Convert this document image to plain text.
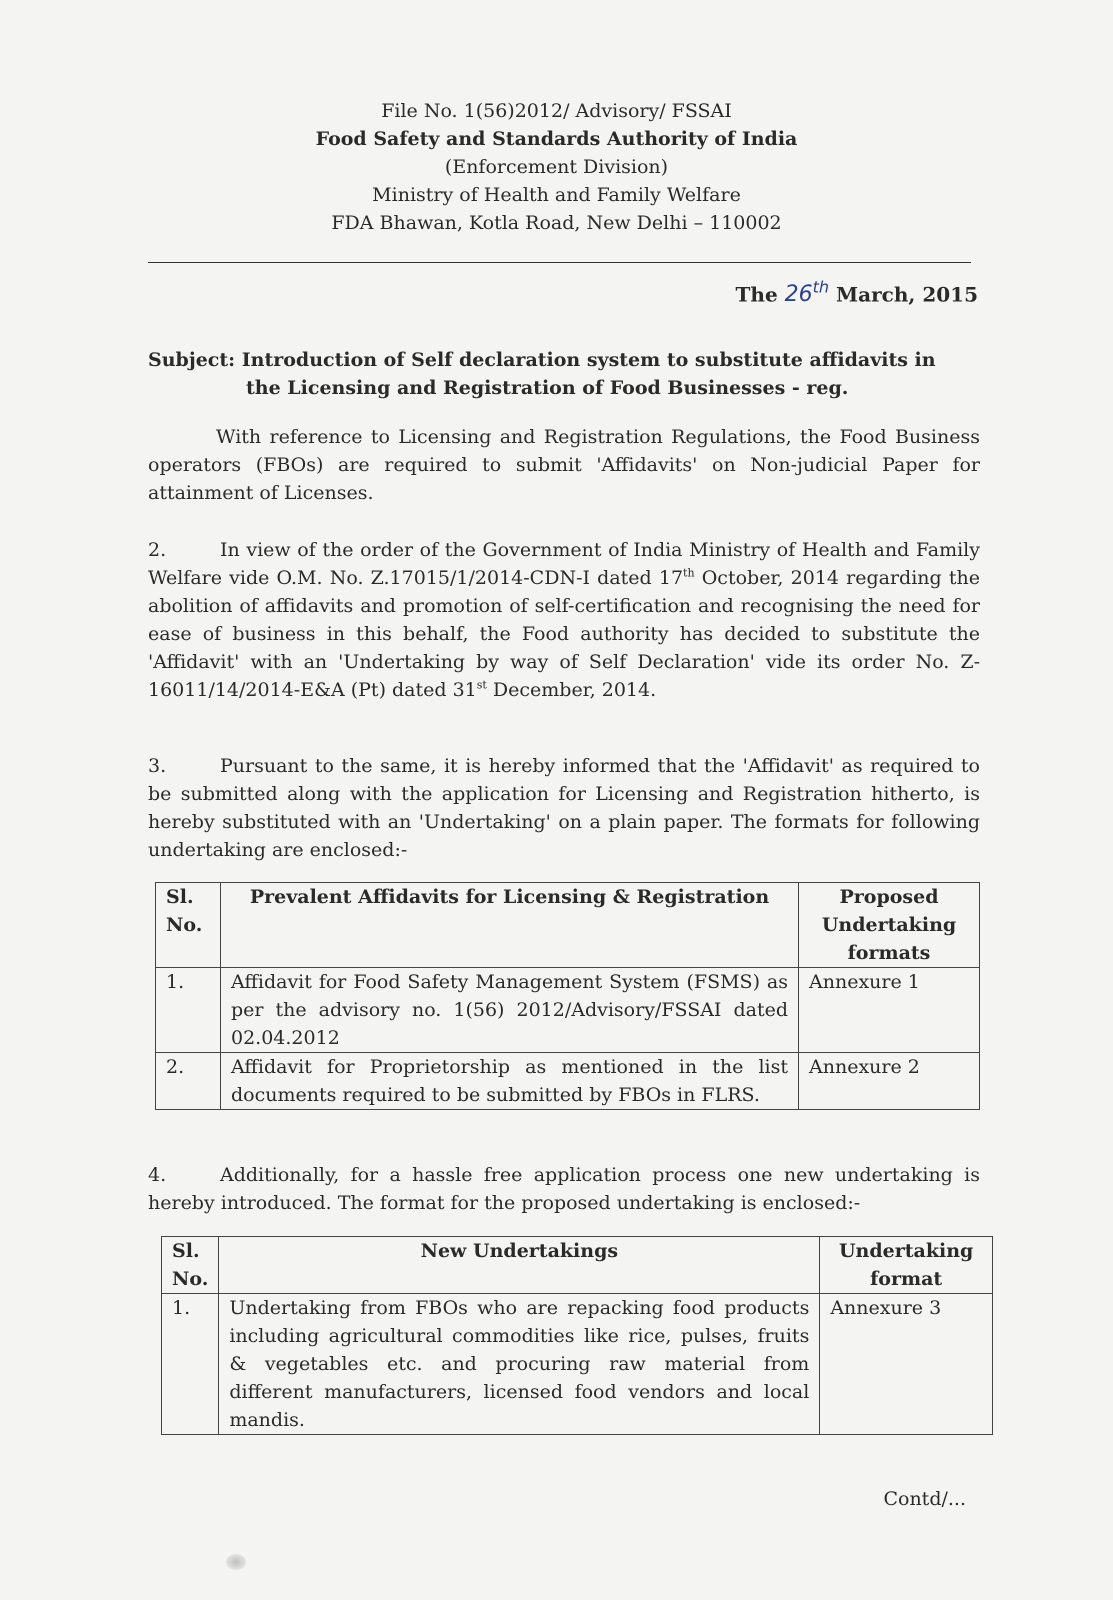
File No. 1(56)2012/ Advisory/ FSSAI
Food Safety and Standards Authority of India
(Enforcement Division)
Ministry of Health and Family Welfare
FDA Bhawan, Kotla Road, New Delhi – 110002
The 26th March, 2015
Subject: Introduction of Self declaration system to substitute affidavits in
the Licensing and Registration of Food Businesses - reg.
With reference to Licensing and Registration Regulations, the Food Business operators (FBOs) are required to submit 'Affidavits' on Non-judicial Paper for attainment of Licenses.
2.	In view of the order of the Government of India Ministry of Health and Family Welfare vide O.M. No. Z.17015/1/2014-CDN-I dated 17th October, 2014 regarding the abolition of affidavits and promotion of self-certification and recognising the need for ease of business in this behalf, the Food authority has decided to substitute the 'Affidavit' with an 'Undertaking by way of Self Declaration' vide its order No. Z-16011/14/2014-E&A (Pt) dated 31st December, 2014.
3.	Pursuant to the same, it is hereby informed that the 'Affidavit' as required to be submitted along with the application for Licensing and Registration hitherto, is hereby substituted with an 'Undertaking' on a plain paper. The formats for following undertaking are enclosed:-
Sl. No.	Prevalent Affidavits for Licensing & Registration	Proposed Undertaking formats
1.	Affidavit for Food Safety Management System (FSMS) as per the advisory no. 1(56) 2012/Advisory/FSSAI dated 02.04.2012	Annexure 1
2.	Affidavit for Proprietorship as mentioned in the list documents required to be submitted by FBOs in FLRS.	Annexure 2
4.	Additionally, for a hassle free application process one new undertaking is hereby introduced. The format for the proposed undertaking is enclosed:-
Sl. No.	New Undertakings	Undertaking format
1.	Undertaking from FBOs who are repacking food products including agricultural commodities like rice, pulses, fruits & vegetables etc. and procuring raw material from different manufacturers, licensed food vendors and local mandis.	Annexure 3
Contd/...
